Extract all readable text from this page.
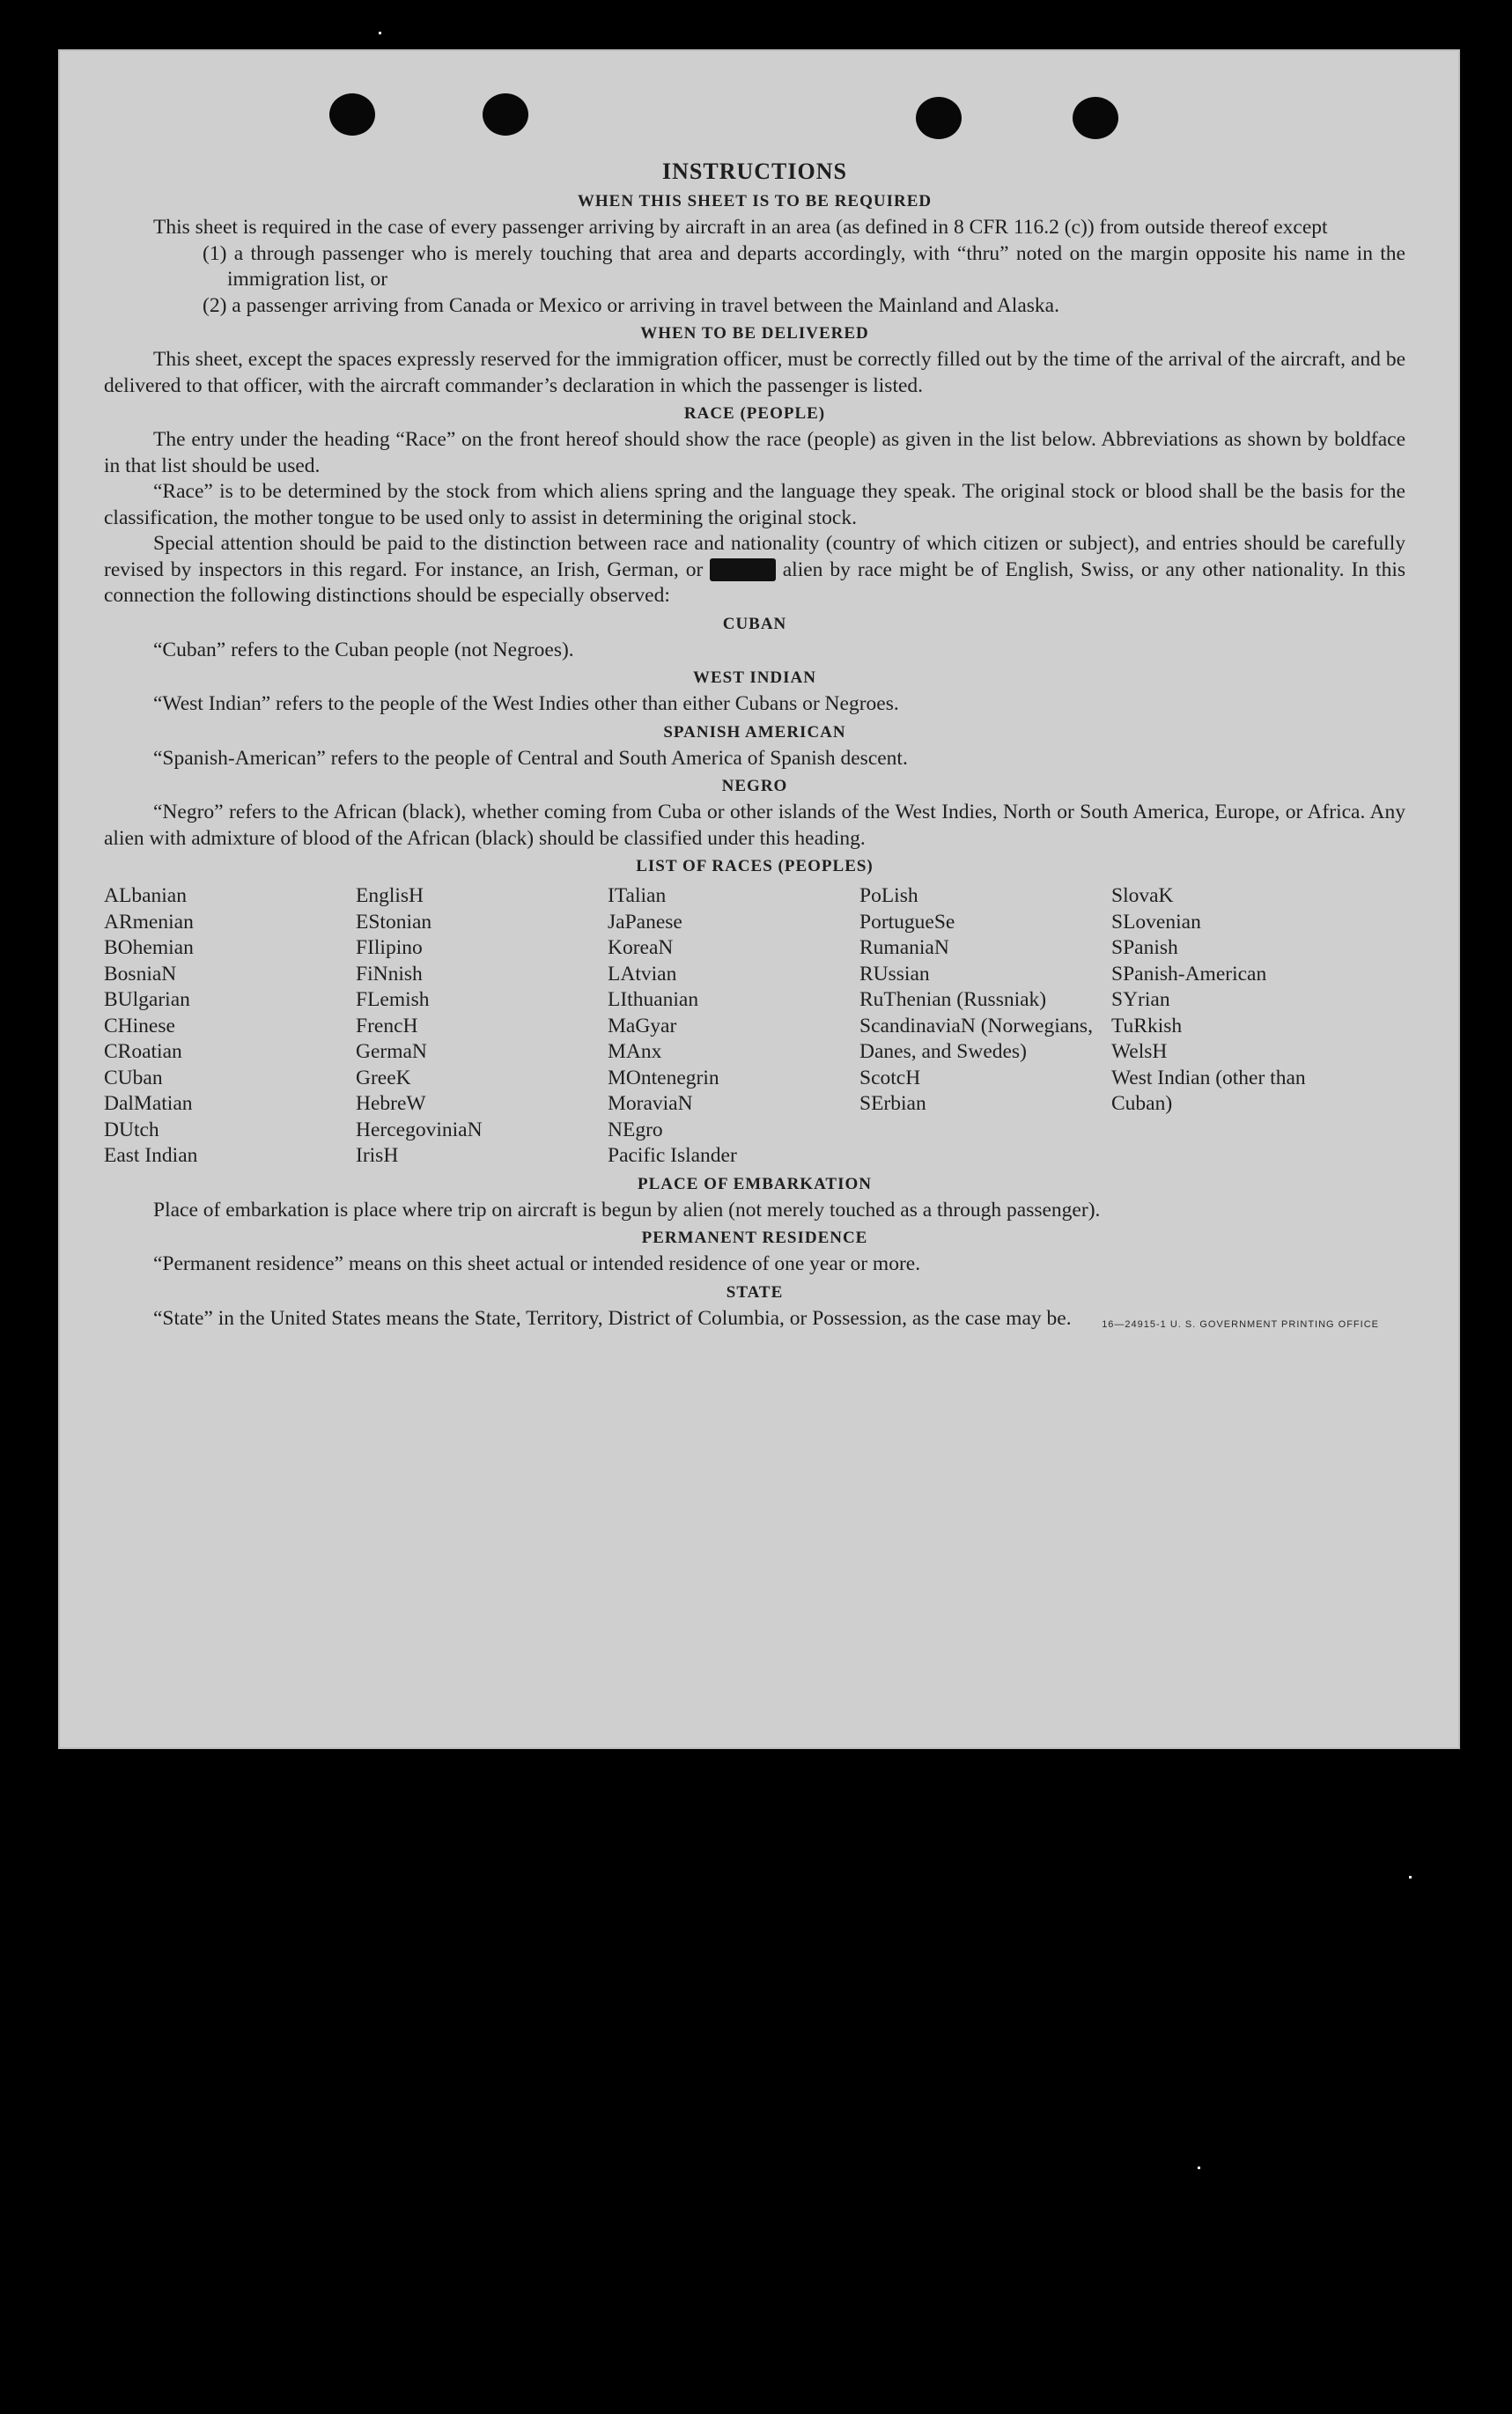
INSTRUCTIONS
WHEN THIS SHEET IS TO BE REQUIRED

This sheet is required in the case of every passenger arriving by aircraft in an area (as defined in 8 CFR 116.2 (c)) from outside thereof except

(1) a through passenger who is merely touching that area and departs accordingly, with “thru” noted on the margin opposite his name in the immigration list, or

(2) a passenger arriving from Canada or Mexico or arriving in travel between the Mainland and Alaska.

WHEN TO BE DELIVERED

This sheet, except the spaces expressly reserved for the immigration officer, must be correctly filled out by the time of the arrival of the aircraft, and be delivered to that officer, with the aircraft commander’s declaration in which the passenger is listed.

RACE (PEOPLE)

The entry under the heading “Race” on the front hereof should show the race (people) as given in the list below. Abbreviations as shown by boldface in that list should be used.

“Race” is to be determined by the stock from which aliens spring and the language they speak. The original stock or blood shall be the basis for the classification, the mother tongue to be used only to assist in determining the original stock.

Special attention should be paid to the distinction between race and nationality (country of which citizen or subject), and entries should be carefully revised by inspectors in this regard. For instance, an Irish, German, or	alien by race might be of English, Swiss, or any other nationality. In this connection the following distinctions should be especially observed:

CUBAN

“Cuban” refers to the Cuban people (not Negroes).

WEST INDIAN

“West Indian” refers to the people of the West Indies other than either Cubans or Negroes.

SPANISH AMERICAN

“Spanish-American” refers to the people of Central and South America of Spanish descent.

NEGRO

“Negro” refers to the African (black), whether coming from Cuba or other islands of the West Indies, North or South America, Europe, or Africa. Any alien with admixture of blood of the African (black) should be classified under this heading.

LIST OF RACES (PEOPLES)
ALbanian
ARmenian
BOhemian
BosniaN
BUlgarian
CHinese
CRoatian
CUban
DalMatian
DUtch
East Indian
EnglisH
EStonian
FIlipino
FiNnish
FLemish
FrencH
GermaN
GreeK
HebreW
HercegoviniaN
IrisH
ITalian
JaPanese
KoreaN
LAtvian
LIthuanian
MaGyar
MAnx
MOntenegrin
MoraviaN
NEgro
Pacific Islander
PoLish
PortugueSe
RumaniaN
RUssian
RuThenian (Russniak)
ScandinaviaN (Norwegians, Danes, and Swedes)
ScotcH
SErbian
SlovaK
SLovenian
SPanish
SPanish-American
SYrian
TuRkish
WelsH
West Indian (other than Cuban)
PLACE OF EMBARKATION

Place of embarkation is place where trip on aircraft is begun by alien (not merely touched as a through passenger).

PERMANENT RESIDENCE

“Permanent residence” means on this sheet actual or intended residence of one year or more.

STATE

“State” in the United States means the State, Territory, District of Columbia, or Possession, as the case may be.	16—24915-1 U. S. GOVERNMENT PRINTING OFFICE
